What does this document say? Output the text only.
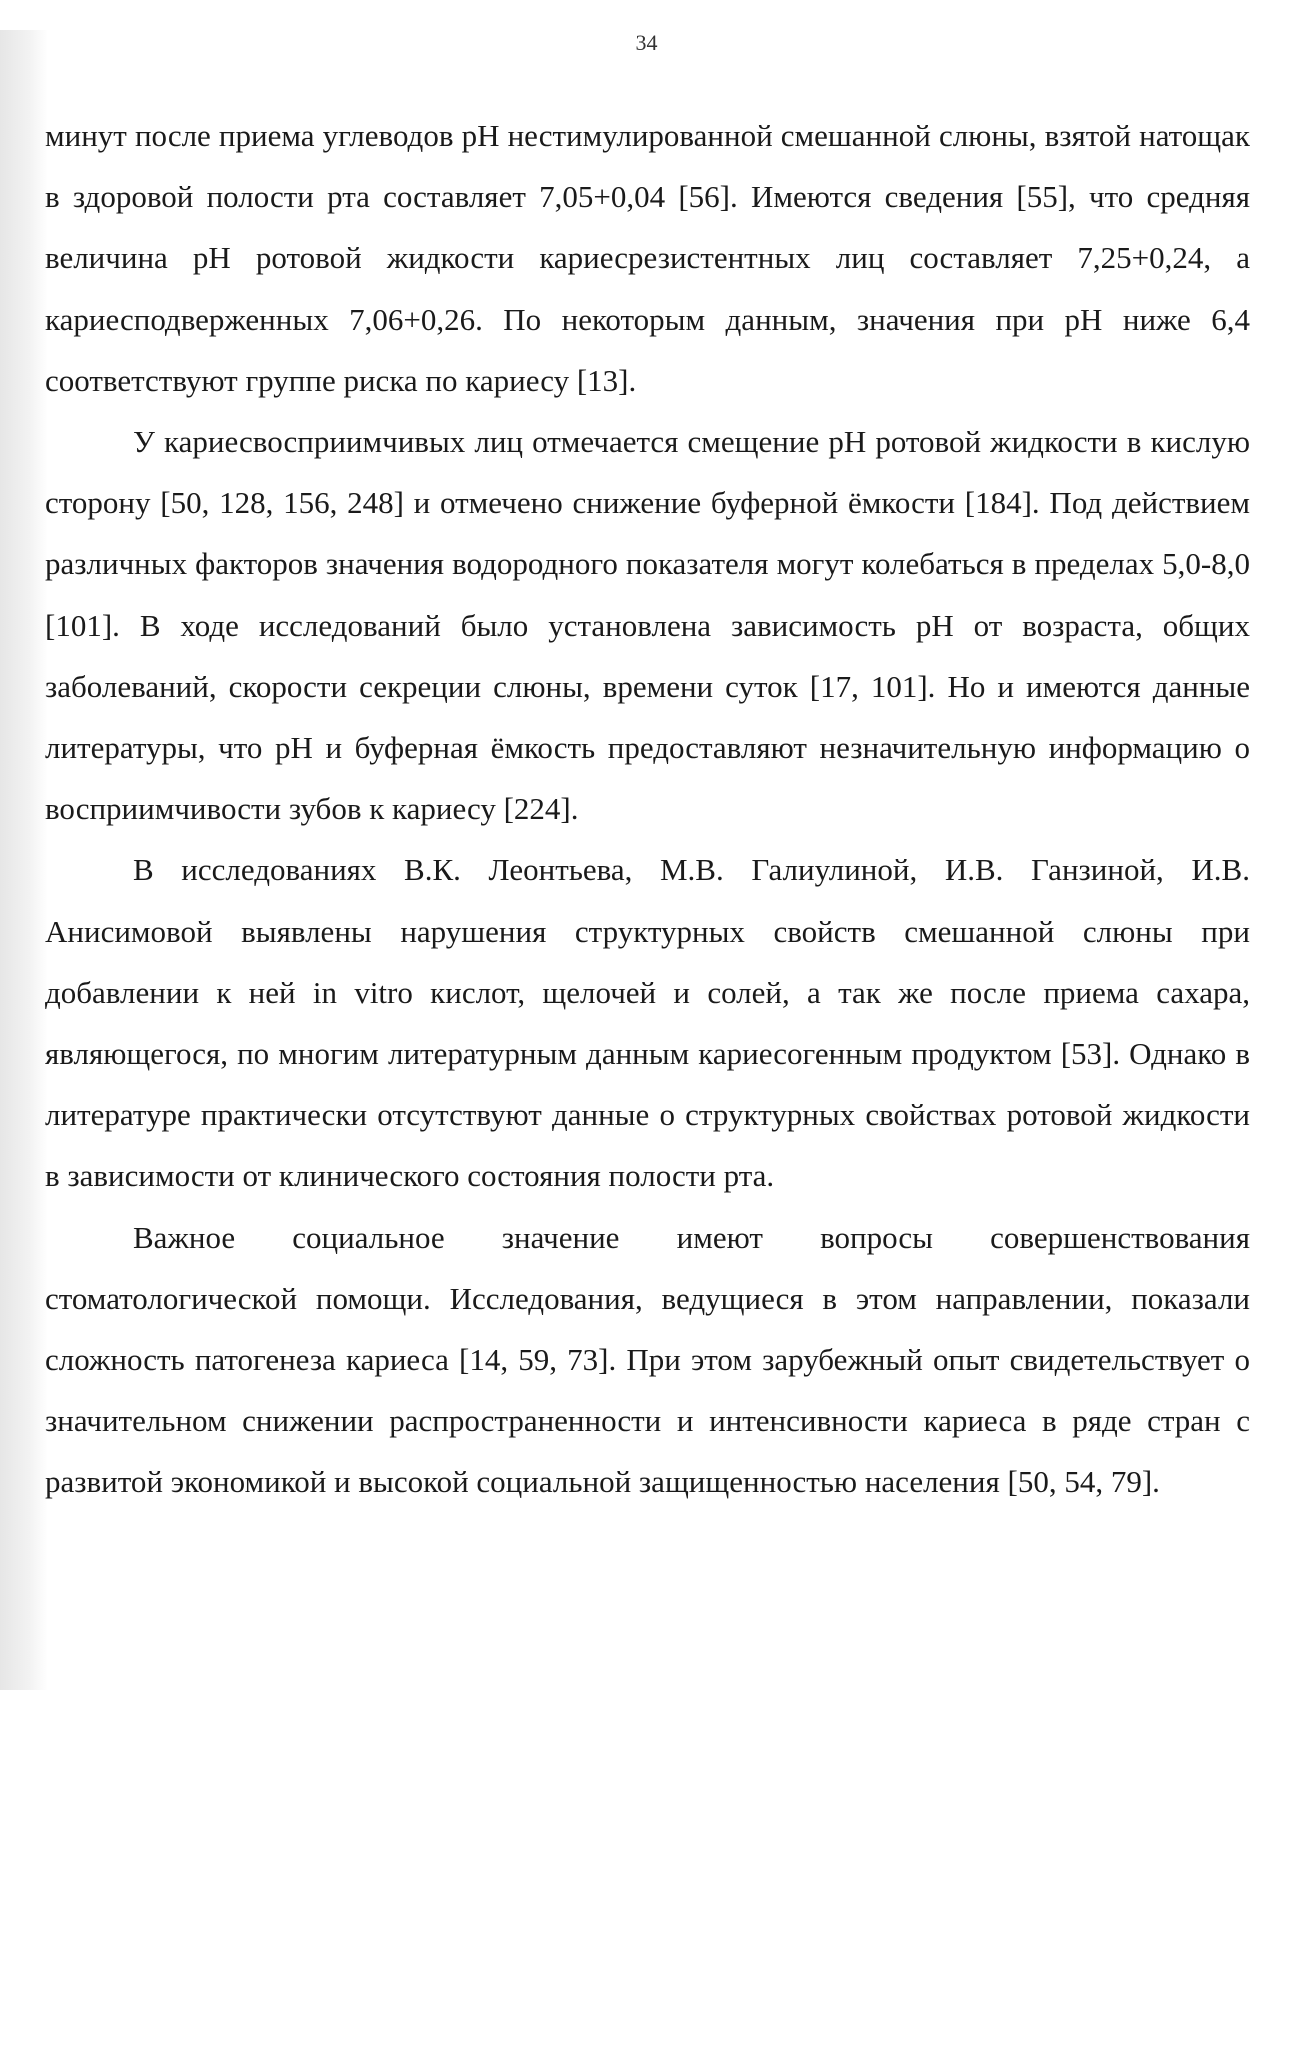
34

минут после приема углеводов pH нестимулированной смешанной слюны, взятой натощак в здоровой полости рта составляет 7,05+0,04 [56]. Имеются сведения [55], что средняя величина pH ротовой жидкости кариесрезистентных лиц составляет 7,25+0,24, а кариесподверженных 7,06+0,26. По некоторым данным, значения при pH ниже 6,4 соответствуют группе риска по кариесу [13].

У кариесвосприимчивых лиц отмечается смещение pH ротовой жидкости в кислую сторону [50, 128, 156, 248] и отмечено снижение буферной ёмкости [184]. Под действием различных факторов значения водородного показателя могут колебаться в пределах 5,0-8,0 [101]. В ходе исследований было установлена зависимость pH от возраста, общих заболеваний, скорости секреции слюны, времени суток [17, 101]. Но и имеются данные литературы, что pH и буферная ёмкость предоставляют незначительную информацию о восприимчивости зубов к кариесу [224].

В исследованиях В.К. Леонтьева, М.В. Галиулиной, И.В. Ганзиной, И.В. Анисимовой выявлены нарушения структурных свойств смешанной слюны при добавлении к ней in vitro кислот, щелочей и солей, а так же после приема сахара, являющегося, по многим литературным данным кариесогенным продуктом [53]. Однако в литературе практически отсутствуют данные о структурных свойствах ротовой жидкости в зависимости от клинического состояния полости рта.

Важное социальное значение имеют вопросы совершенствования стоматологической помощи. Исследования, ведущиеся в этом направлении, показали сложность патогенеза кариеса [14, 59, 73]. При этом зарубежный опыт свидетельствует о значительном снижении распространенности и интенсивности кариеса в ряде стран с развитой экономикой и высокой социальной защищенностью населения [50, 54, 79].
